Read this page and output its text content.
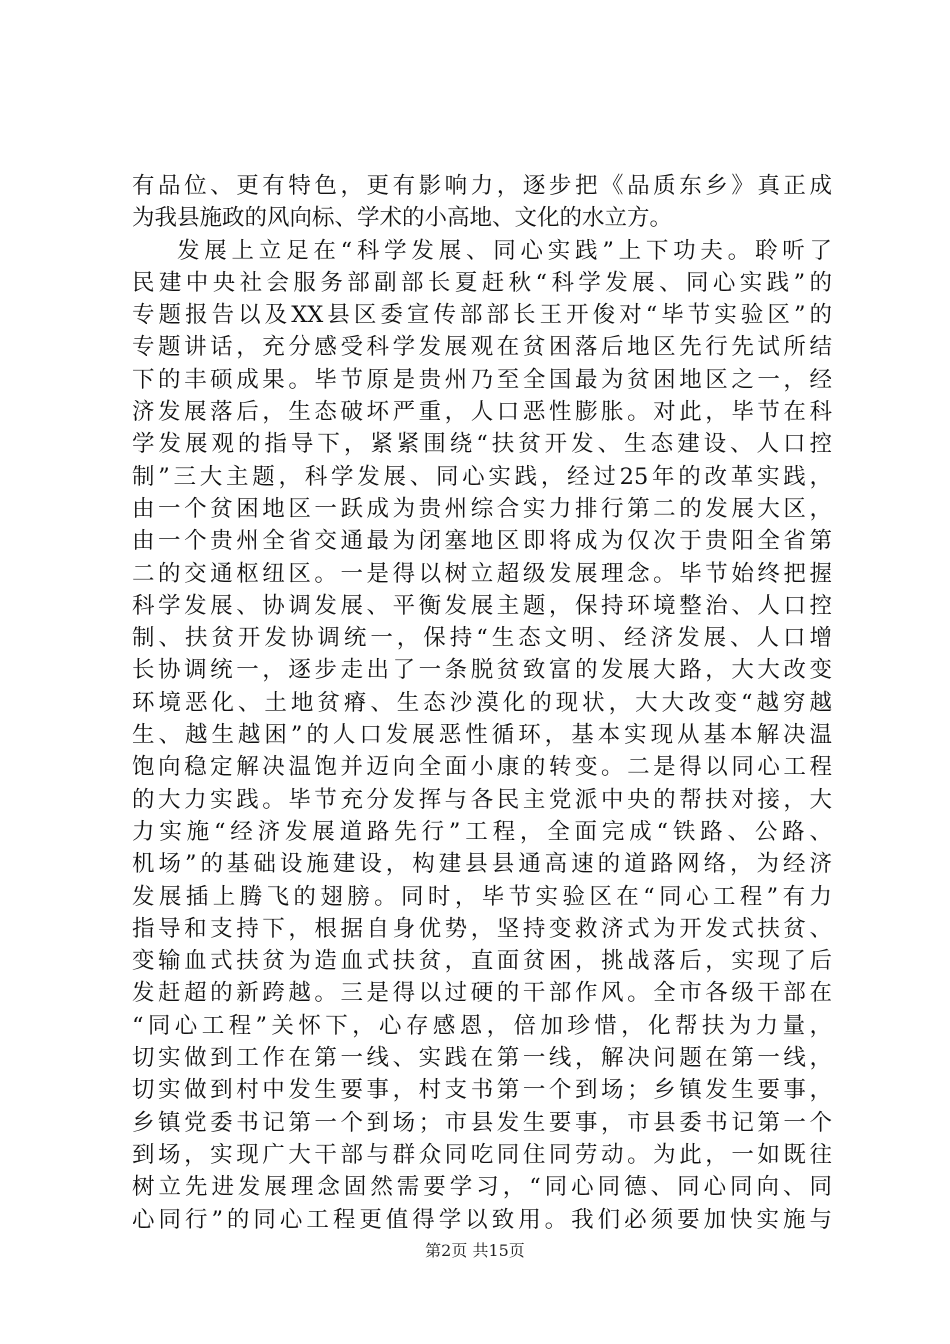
有品位、更有特色，更有影响力，逐步把《品质东乡》真正成
为我县施政的风向标、学术的小高地、文化的水立方。
发展上立足在“科学发展、同心实践”上下功夫。聆听了
民建中央社会服务部副部长夏赶秋“科学发展、同心实践”的
专题报告以及XX县区委宣传部部长王开俊对“毕节实验区”的
专题讲话，充分感受科学发展观在贫困落后地区先行先试所结
下的丰硕成果。毕节原是贵州乃至全国最为贫困地区之一，经
济发展落后，生态破坏严重，人口恶性膨胀。对此，毕节在科
学发展观的指导下，紧紧围绕“扶贫开发、生态建设、人口控
制”三大主题，科学发展、同心实践，经过25年的改革实践，
由一个贫困地区一跃成为贵州综合实力排行第二的发展大区，
由一个贵州全省交通最为闭塞地区即将成为仅次于贵阳全省第
二的交通枢纽区。一是得以树立超级发展理念。毕节始终把握
科学发展、协调发展、平衡发展主题，保持环境整治、人口控
制、扶贫开发协调统一，保持“生态文明、经济发展、人口增
长协调统一，逐步走出了一条脱贫致富的发展大路，大大改变
环境恶化、土地贫瘠、生态沙漠化的现状，大大改变“越穷越
生、越生越困”的人口发展恶性循环，基本实现从基本解决温
饱向稳定解决温饱并迈向全面小康的转变。二是得以同心工程
的大力实践。毕节充分发挥与各民主党派中央的帮扶对接，大
力实施“经济发展道路先行”工程，全面完成“铁路、公路、
机场”的基础设施建设，构建县县通高速的道路网络，为经济
发展插上腾飞的翅膀。同时，毕节实验区在“同心工程”有力
指导和支持下，根据自身优势，坚持变救济式为开发式扶贫、
变输血式扶贫为造血式扶贫，直面贫困，挑战落后，实现了后
发赶超的新跨越。三是得以过硬的干部作风。全市各级干部在
“同心工程”关怀下，心存感恩，倍加珍惜，化帮扶为力量，
切实做到工作在第一线、实践在第一线，解决问题在第一线，
切实做到村中发生要事，村支书第一个到场；乡镇发生要事，
乡镇党委书记第一个到场；市县发生要事，市县委书记第一个
到场，实现广大干部与群众同吃同住同劳动。为此，一如既往
树立先进发展理念固然需要学习，“同心同德、同心同向、同
心同行”的同心工程更值得学以致用。我们必须要加快实施与
第2页 共15页
